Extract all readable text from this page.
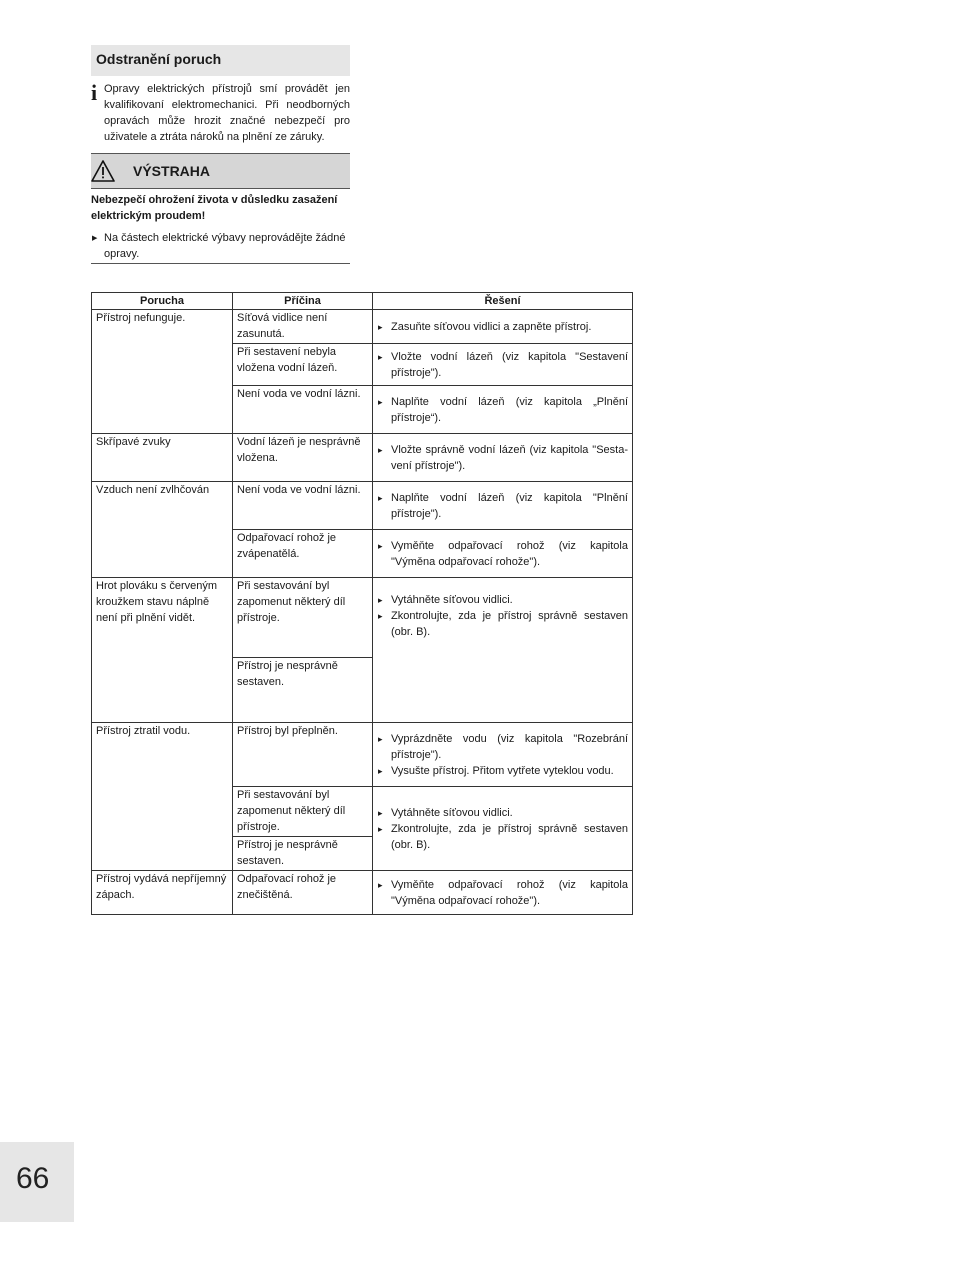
Odstranění poruch
i Opravy elektrických přístrojů smí provádět jen kvalifikovaní elektromechanici. Při neodborných opravách může hrozit značné nebezpečí pro uživatele a ztráta nároků na plnění ze záruky.
VÝSTRAHA
Nebezpečí ohrožení života v důsledku zasažení elektrickým proudem!
▶ Na částech elektrické výbavy neprovádějte žádné opravy.
Porucha	Příčina	Řešení
Přístroj nefunguje.	Síťová vidlice není zasunutá.	▸ Zasuňte síťovou vidlici a zapněte přístroj.

	Při sestavení nebyla vložena vodní lázeň.	▸ Vložte vodní lázeň (viz kapitola "Sestavení přístroje").

	Není voda ve vodní lázni.	▸ Naplňte vodní lázeň (viz kapitola „Plnění přístroje“).

Skřípavé zvuky	Vodní lázeň je nesprávně vložena.	▸ Vložte správně vodní lázeň (viz kapitola "Sesta-vení přístroje").

Vzduch není zvlhčován	Není voda ve vodní lázni.	▸ Naplňte vodní lázeň (viz kapitola "Plnění přístroje").

	Odpařovací rohož je zvápenatělá.	▸ Vyměňte odpařovací rohož (viz kapitola "Výměna odpařovací rohože").

Hrot plováku s červeným kroužkem stavu náplně není při plnění vidět.	Při sestavování byl zapomenut některý díl přístroje.	▸ Vytáhněte síťovou vidlici.
▸ Zkontrolujte, zda je přístroj správně sestaven (obr. B).

	Přístroj je nesprávně sestaven.	
Přístroj ztratil vodu.	Přístroj byl přeplněn.	▸ Vyprázdněte vodu (viz kapitola "Rozebrání přístroje").
▸ Vysušte přístroj. Přitom vytřete vyteklou vodu.

	Při sestavování byl zapomenut některý díl přístroje.	▸ Vytáhněte síťovou vidlici.
▸ Zkontrolujte, zda je přístroj správně sestaven (obr. B).

	Přístroj je nesprávně sestaven.	
Přístroj vydává nepříjemný zápach.	Odpařovací rohož je znečištěná.	▸ Vyměňte odpařovací rohož (viz kapitola "Výměna odpařovací rohože").
66
